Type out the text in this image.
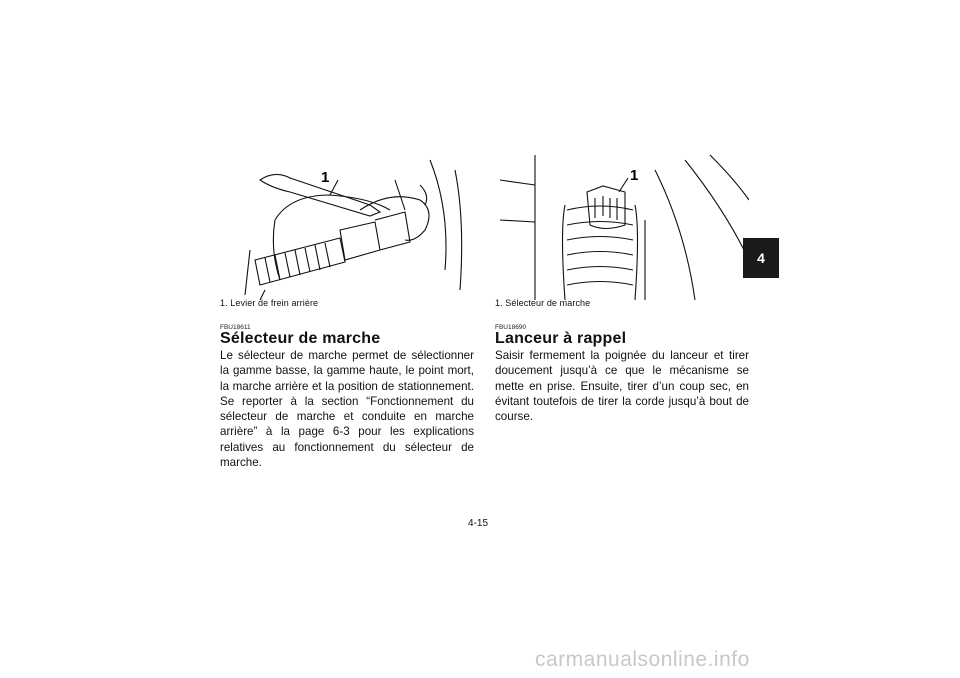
1
1. Levier de frein arrière
FBU18611
Sélecteur de marche

Le sélecteur de marche permet de sélectionner la gamme basse, la gamme haute, le point mort, la marche arrière et la position de stationnement. Se reporter à la section “Fonctionnement du sélecteur de marche et conduite en marche arrière” à la page 6-3 pour les explications relatives au fonctionnement du sélecteur de marche.

1
1. Sélecteur de marche
FBU18690
Lanceur à rappel

Saisir fermement la poignée du lanceur et tirer doucement jusqu’à ce que le mécanisme se mette en prise. Ensuite, tirer d’un coup sec, en évitant toutefois de tirer la corde jusqu’à bout de course.

4
4-15
carmanualsonline.info
